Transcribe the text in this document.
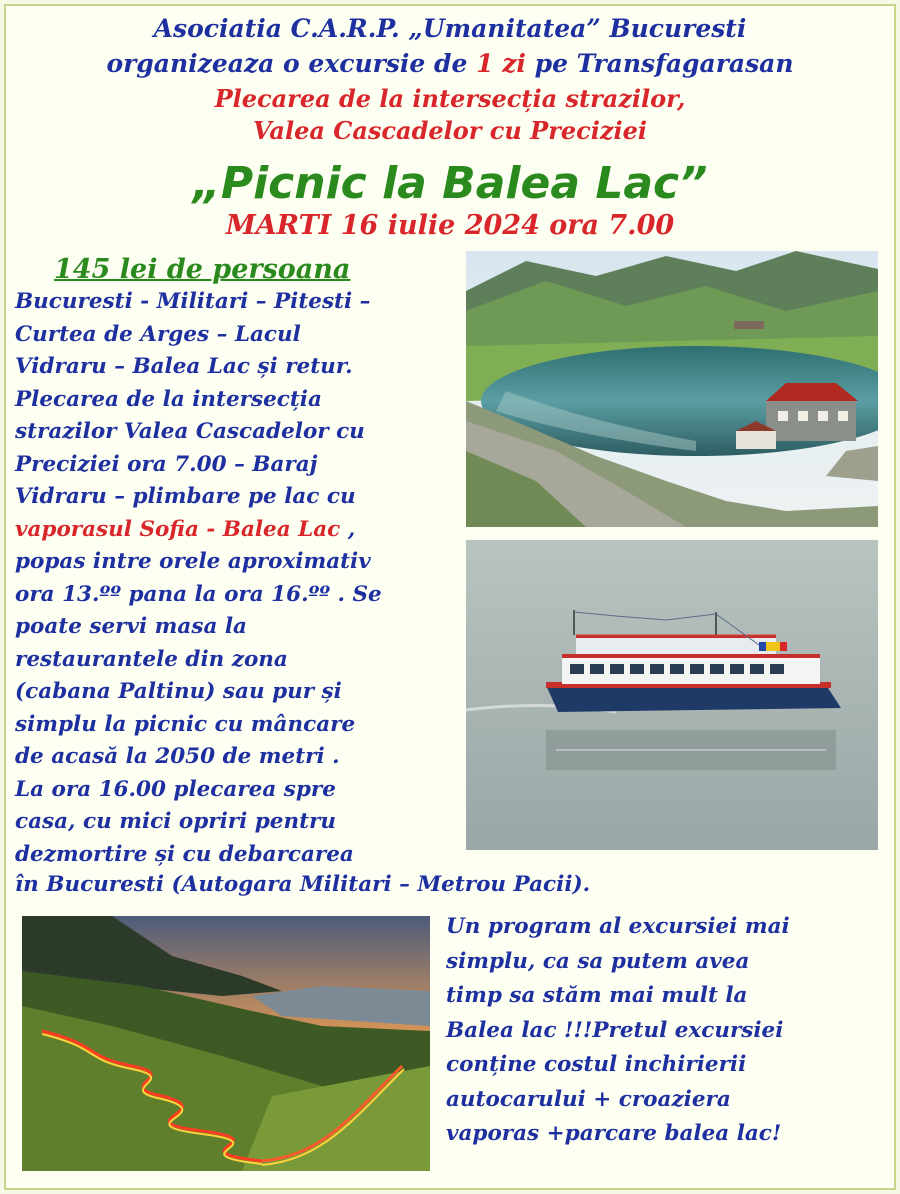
Asociatia C.A.R.P. „Umanitatea” Bucuresti
organizeaza o excursie de 1 zi pe Transfagarasan
Plecarea de la intersecția strazilor,
Valea Cascadelor cu Preciziei
„Picnic la Balea Lac”
MARTI 16 iulie 2024 ora 7.00
145 lei de persoana
Bucuresti - Militari – Pitesti –
Curtea de Arges – Lacul
Vidraru – Balea Lac și retur.
Plecarea de la intersecția
strazilor Valea Cascadelor cu
Preciziei ora 7.00 – Baraj
Vidraru – plimbare pe lac cu
vaporasul Sofia - Balea Lac ,
popas intre orele aproximativ
ora 13.ºº pana la ora 16.ºº . Se
poate servi masa la
restaurantele din zona
(cabana Paltinu) sau pur și
simplu la picnic cu mâncare
de acasă la 2050 de metri .
La ora 16.00 plecarea spre
casa, cu mici opriri pentru
dezmortire și cu debarcarea
în Bucuresti (Autogara Militari – Metrou Pacii).
Un program al excursiei mai
simplu, ca sa putem avea
timp sa stăm mai mult la
Balea lac !!!Pretul excursiei
conține costul inchirierii
autocarului + croaziera
vaporas +parcare balea lac!
